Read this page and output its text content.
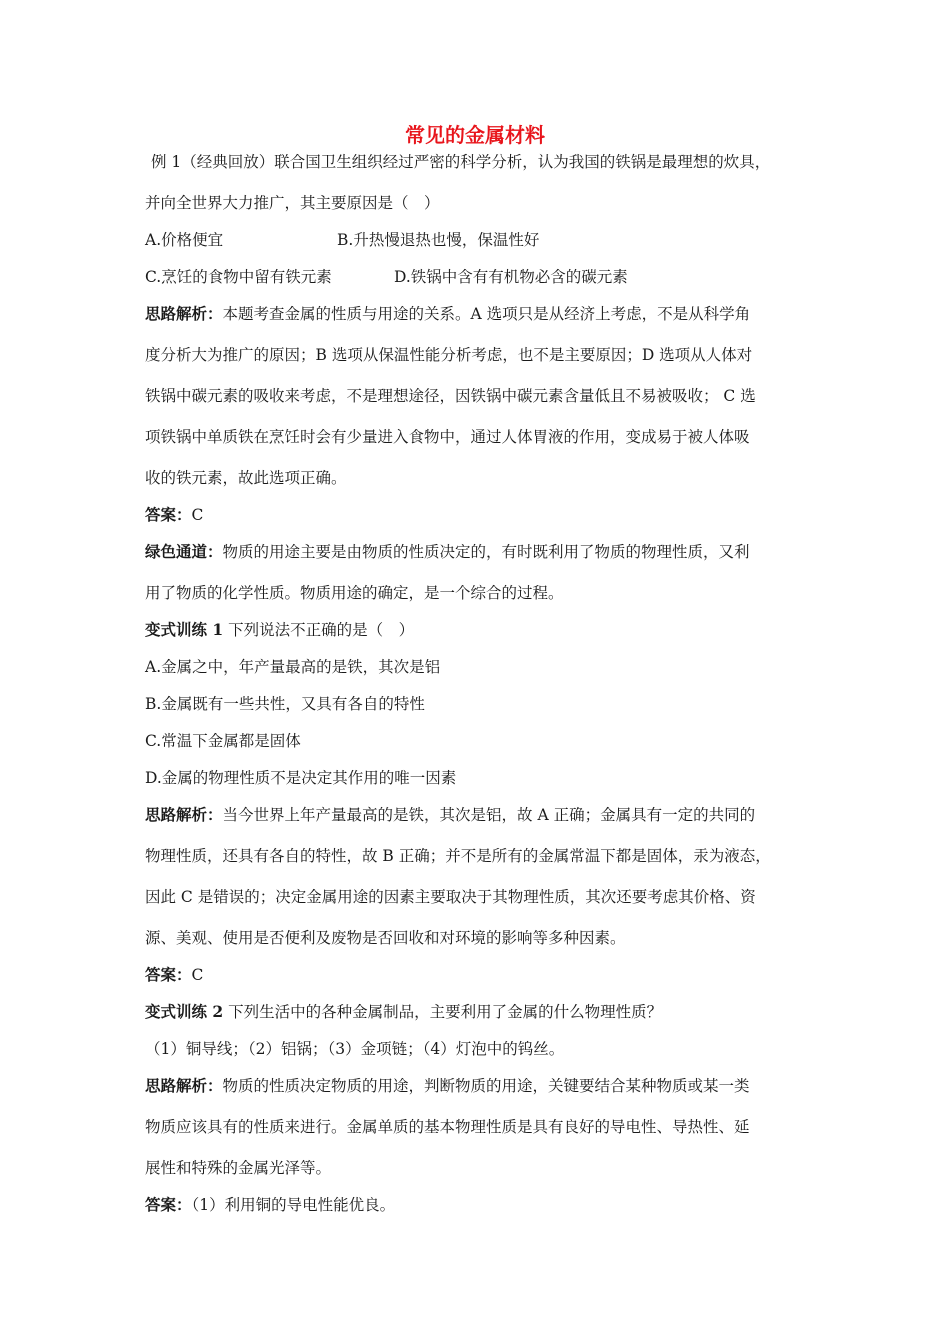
常见的金属材料
例 1（经典回放）联合国卫生组织经过严密的科学分析，认为我国的铁锅是最理想的炊具，
并向全世界大力推广，其主要原因是（　）
A.价格便宜	B.升热慢退热也慢，保温性好
C.烹饪的食物中留有铁元素	D.铁锅中含有有机物必含的碳元素
思路解析：本题考查金属的性质与用途的关系。A 选项只是从经济上考虑，不是从科学角
度分析大为推广的原因；B 选项从保温性能分析考虑，也不是主要原因；D 选项从人体对
铁锅中碳元素的吸收来考虑，不是理想途径，因铁锅中碳元素含量低且不易被吸收； C 选
项铁锅中单质铁在烹饪时会有少量进入食物中，通过人体胃液的作用，变成易于被人体吸
收的铁元素，故此选项正确。
答案：C
绿色通道：物质的用途主要是由物质的性质决定的，有时既利用了物质的物理性质，又利
用了物质的化学性质。物质用途的确定，是一个综合的过程。
变式训练 1 下列说法不正确的是（　）
A.金属之中，年产量最高的是铁，其次是铝
B.金属既有一些共性，又具有各自的特性
C.常温下金属都是固体
D.金属的物理性质不是决定其作用的唯一因素
思路解析：当今世界上年产量最高的是铁，其次是铝，故 A 正确；金属具有一定的共同的
物理性质，还具有各自的特性，故 B 正确；并不是所有的金属常温下都是固体，汞为液态，
因此 C 是错误的；决定金属用途的因素主要取决于其物理性质，其次还要考虑其价格、资
源、美观、使用是否便利及废物是否回收和对环境的影响等多种因素。
答案：C
变式训练 2 下列生活中的各种金属制品，主要利用了金属的什么物理性质？
（1）铜导线；（2）铝锅；（3）金项链；（4）灯泡中的钨丝。
思路解析：物质的性质决定物质的用途，判断物质的用途，关键要结合某种物质或某一类
物质应该具有的性质来进行。金属单质的基本物理性质是具有良好的导电性、导热性、延
展性和特殊的金属光泽等。
答案：（1）利用铜的导电性能优良。
